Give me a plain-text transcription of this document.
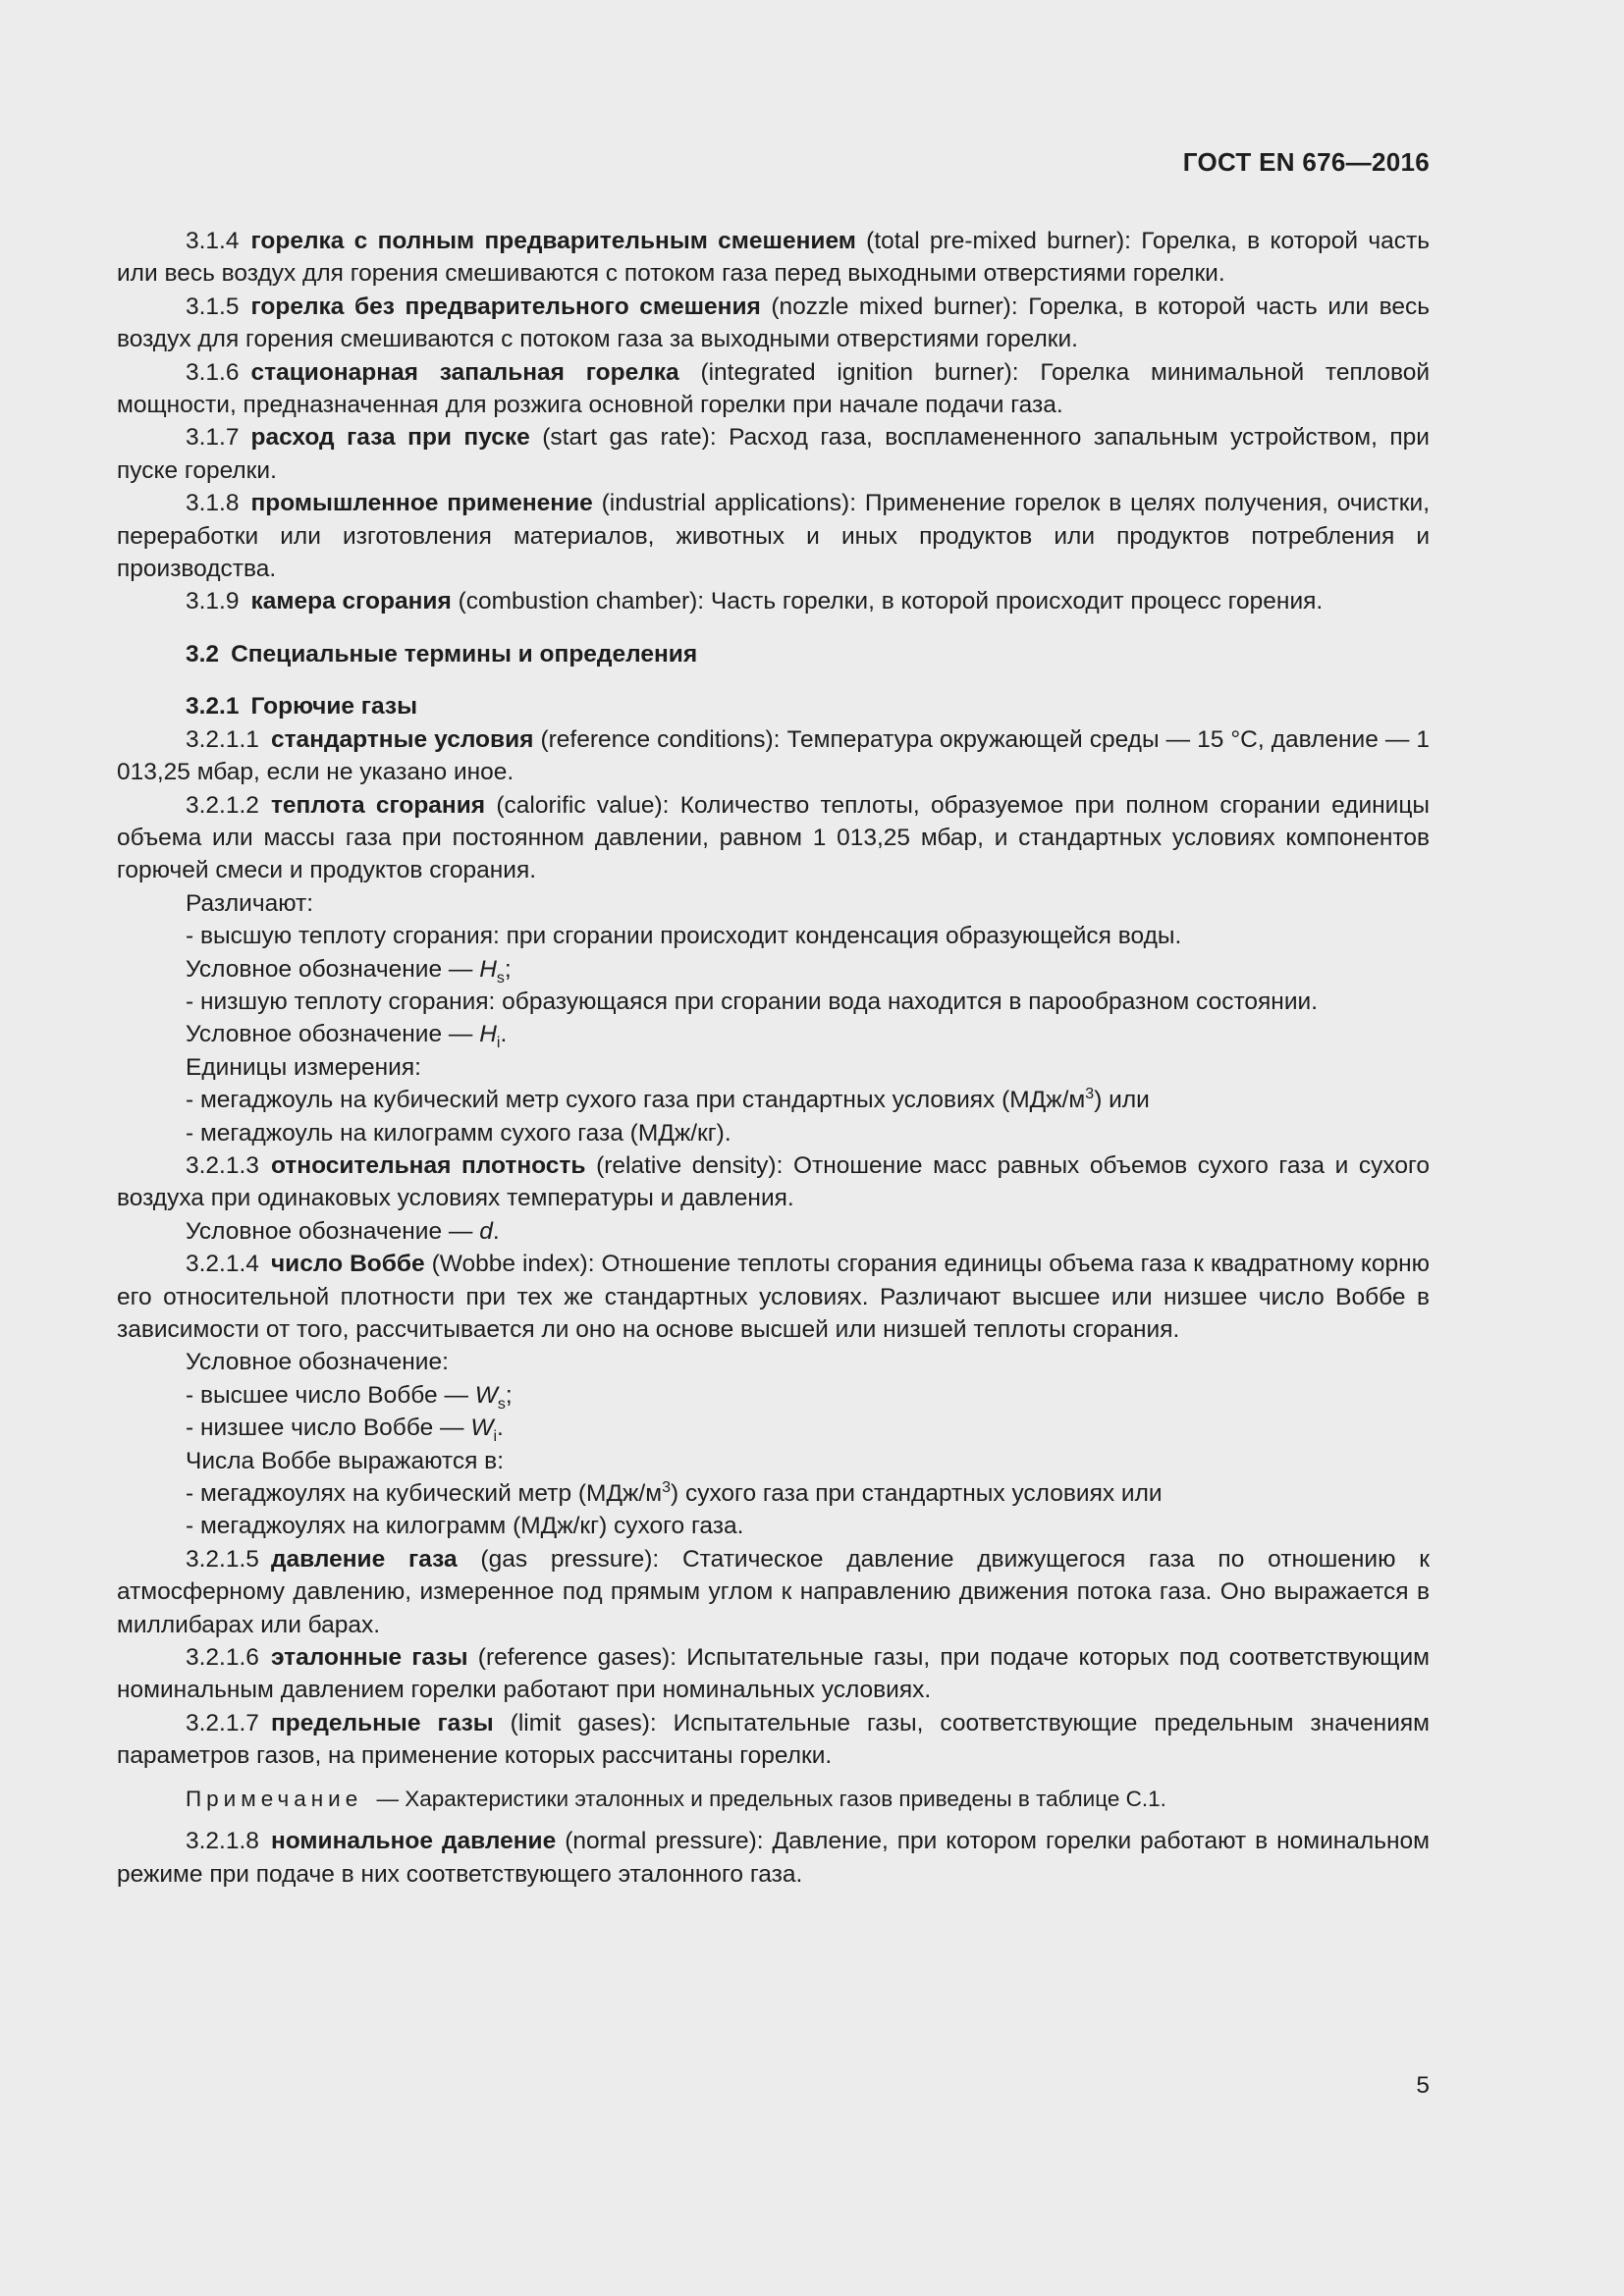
ГОСТ EN 676—2016

3.1.4 горелка с полным предварительным смешением (total pre-mixed burner): Горелка, в которой часть или весь воздух для горения смешиваются с потоком газа перед выходными отверстиями горелки.

3.1.5 горелка без предварительного смешения (nozzle mixed burner): Горелка, в которой часть или весь воздух для горения смешиваются с потоком газа за выходными отверстиями горелки.

3.1.6 стационарная запальная горелка (integrated ignition burner): Горелка минимальной тепловой мощности, предназначенная для розжига основной горелки при начале подачи газа.

3.1.7 расход газа при пуске (start gas rate): Расход газа, воспламененного запальным устройством, при пуске горелки.

3.1.8 промышленное применение (industrial applications): Применение горелок в целях получения, очистки, переработки или изготовления материалов, животных и иных продуктов или продуктов потребления и производства.

3.1.9 камера сгорания (combustion chamber): Часть горелки, в которой происходит процесс горения.

3.2 Специальные термины и определения

3.2.1 Горючие газы

3.2.1.1 стандартные условия (reference conditions): Температура окружающей среды — 15 °С, давление — 1 013,25 мбар, если не указано иное.

3.2.1.2 теплота сгорания (calorific value): Количество теплоты, образуемое при полном сгорании единицы объема или массы газа при постоянном давлении, равном 1 013,25 мбар, и стандартных условиях компонентов горючей смеси и продуктов сгорания.

Различают:

- высшую теплоту сгорания: при сгорании происходит конденсация образующейся воды.

Условное обозначение — $H_s$;

- низшую теплоту сгорания: образующаяся при сгорании вода находится в парообразном состоянии.

Условное обозначение — $H_i$.

Единицы измерения:

- мегаджоуль на кубический метр сухого газа при стандартных условиях $(МДж/м^3)$ или

- мегаджоуль на килограмм сухого газа (МДж/кг).

3.2.1.3 относительная плотность (relative density): Отношение масс равных объемов сухого газа и сухого воздуха при одинаковых условиях температуры и давления.

Условное обозначение — d.

3.2.1.4 число Воббе (Wobbe index): Отношение теплоты сгорания единицы объема газа к квадратному корню его относительной плотности при тех же стандартных условиях. Различают высшее или низшее число Воббе в зависимости от того, рассчитывается ли оно на основе высшей или низшей теплоты сгорания.

Условное обозначение:

- высшее число Воббе — $W_s$;

- низшее число Воббе — $W_i$.

Числа Воббе выражаются в:

- мегаджоулях на кубический метр $(МДж/м^3)$ сухого газа при стандартных условиях или

- мегаджоулях на килограмм (МДж/кг) сухого газа.

3.2.1.5 давление газа (gas pressure): Статическое давление движущегося газа по отношению к атмосферному давлению, измеренное под прямым углом к направлению движения потока газа. Оно выражается в миллибарах или барах.

3.2.1.6 эталонные газы (reference gases): Испытательные газы, при подаче которых под соответствующим номинальным давлением горелки работают при номинальных условиях.

3.2.1.7 предельные газы (limit gases): Испытательные газы, соответствующие предельным значениям параметров газов, на применение которых рассчитаны горелки.

Примечание — Характеристики эталонных и предельных газов приведены в таблице С.1.

3.2.1.8 номинальное давление (normal pressure): Давление, при котором горелки работают в номинальном режиме при подаче в них соответствующего эталонного газа.

5
